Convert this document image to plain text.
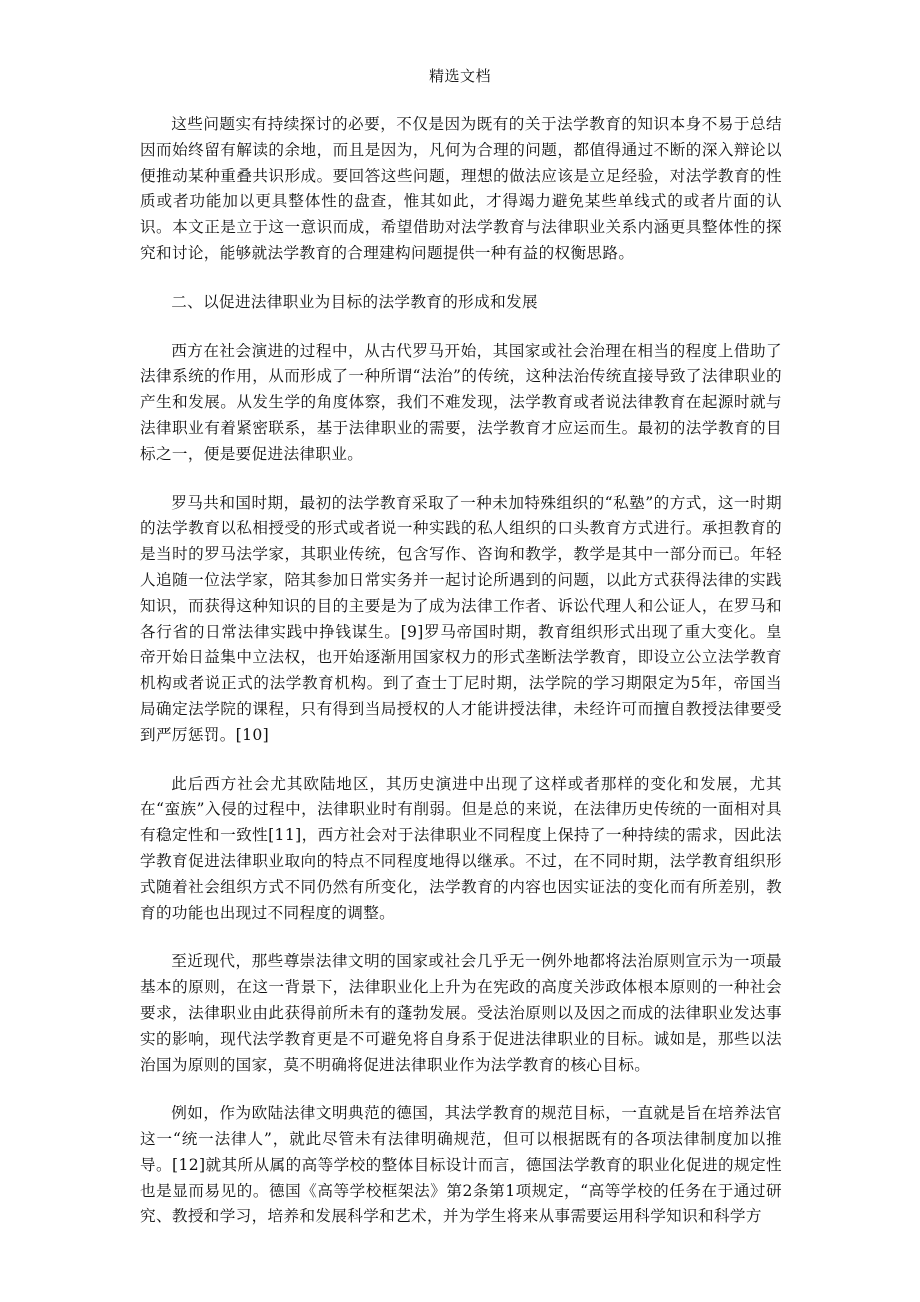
精选文档

这些问题实有持续探讨的必要，不仅是因为既有的关于法学教育的知识本身不易于总结因而始终留有解读的余地，而且是因为，凡何为合理的问题，都值得通过不断的深入辩论以便推动某种重叠共识形成。要回答这些问题，理想的做法应该是立足经验，对法学教育的性质或者功能加以更具整体性的盘查，惟其如此，才得竭力避免某些单线式的或者片面的认识。本文正是立于这一意识而成，希望借助对法学教育与法律职业关系内涵更具整体性的探究和讨论，能够就法学教育的合理建构问题提供一种有益的权衡思路。

二、以促进法律职业为目标的法学教育的形成和发展

西方在社会演进的过程中，从古代罗马开始，其国家或社会治理在相当的程度上借助了法律系统的作用，从而形成了一种所谓“法治”的传统，这种法治传统直接导致了法律职业的产生和发展。从发生学的角度体察，我们不难发现，法学教育或者说法律教育在起源时就与法律职业有着紧密联系，基于法律职业的需要，法学教育才应运而生。最初的法学教育的目标之一，便是要促进法律职业。

罗马共和国时期，最初的法学教育采取了一种未加特殊组织的“私塾”的方式，这一时期的法学教育以私相授受的形式或者说一种实践的私人组织的口头教育方式进行。承担教育的是当时的罗马法学家，其职业传统，包含写作、咨询和教学，教学是其中一部分而已。年轻人追随一位法学家，陪其参加日常实务并一起讨论所遇到的问题，以此方式获得法律的实践知识，而获得这种知识的目的主要是为了成为法律工作者、诉讼代理人和公证人，在罗马和各行省的日常法律实践中挣钱谋生。[9]罗马帝国时期，教育组织形式出现了重大变化。皇帝开始日益集中立法权，也开始逐渐用国家权力的形式垄断法学教育，即设立公立法学教育机构或者说正式的法学教育机构。到了查士丁尼时期，法学院的学习期限定为5年，帝国当局确定法学院的课程，只有得到当局授权的人才能讲授法律，未经许可而擅自教授法律要受到严厉惩罚。[10]

此后西方社会尤其欧陆地区，其历史演进中出现了这样或者那样的变化和发展，尤其在“蛮族”入侵的过程中，法律职业时有削弱。但是总的来说，在法律历史传统的一面相对具有稳定性和一致性[11]，西方社会对于法律职业不同程度上保持了一种持续的需求，因此法学教育促进法律职业取向的特点不同程度地得以继承。不过，在不同时期，法学教育组织形式随着社会组织方式不同仍然有所变化，法学教育的内容也因实证法的变化而有所差别，教育的功能也出现过不同程度的调整。

至近现代，那些尊崇法律文明的国家或社会几乎无一例外地都将法治原则宣示为一项最基本的原则，在这一背景下，法律职业化上升为在宪政的高度关涉政体根本原则的一种社会要求，法律职业由此获得前所未有的蓬勃发展。受法治原则以及因之而成的法律职业发达事实的影响，现代法学教育更是不可避免将自身系于促进法律职业的目标。诚如是，那些以法治国为原则的国家，莫不明确将促进法律职业作为法学教育的核心目标。

例如，作为欧陆法律文明典范的德国，其法学教育的规范目标，一直就是旨在培养法官这一“统一法律人”，就此尽管未有法律明确规范，但可以根据既有的各项法律制度加以推导。[12]就其所从属的高等学校的整体目标设计而言，德国法学教育的职业化促进的规定性也是显而易见的。德国《高等学校框架法》第2条第1项规定，“高等学校的任务在于通过研究、教授和学习，培养和发展科学和艺术，并为学生将来从事需要运用科学知识和科学方
